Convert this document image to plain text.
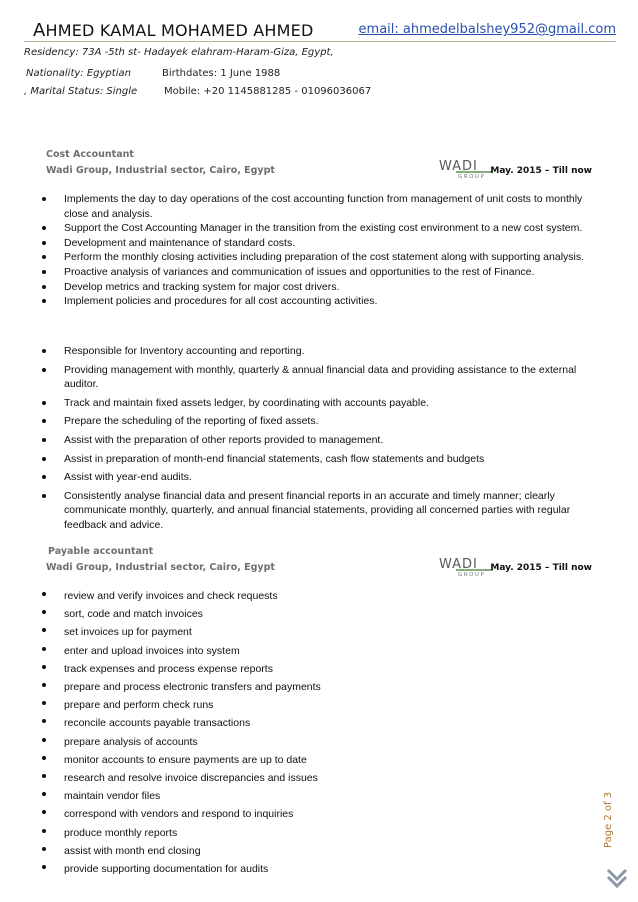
AHMED KAMAL MOHAMED AHMED	email: ahmedelbalshey952@gmail.com
Residency: 73A -5th st- Hadayek elahram-Haram-Giza, Egypt,
Nationality: Egyptian	Birthdates: 1 June 1988
, Marital Status: Single	Mobile: +20 1145881285 - 01096036067
Cost Accountant
Wadi Group, Industrial sector, Cairo, Egypt	WADI
GROUP
May. 2015 – Till now
Implements the day to day operations of the cost accounting function from management of unit costs to monthly close and analysis.
Support the Cost Accounting Manager in the transition from the existing cost environment to a new cost system.
Development and maintenance of standard costs.
Perform the monthly closing activities including preparation of the cost statement along with supporting analysis.
Proactive analysis of variances and communication of issues and opportunities to the rest of Finance.
Develop metrics and tracking system for major cost drivers.
Implement policies and procedures for all cost accounting activities.
Responsible for Inventory accounting and reporting.
Providing management with monthly, quarterly & annual financial data and providing assistance to the external auditor.
Track and maintain fixed assets ledger, by coordinating with accounts payable.
Prepare the scheduling of the reporting of fixed assets.
Assist with the preparation of other reports provided to management.
Assist in preparation of month-end financial statements, cash flow statements and budgets
Assist with year-end audits.
Consistently analyse financial data and present financial reports in an accurate and timely manner; clearly communicate monthly, quarterly, and annual financial statements, providing all concerned parties with regular feedback and advice.
Payable accountant
Wadi Group, Industrial sector, Cairo, Egypt	WADI
GROUP
May. 2015 – Till now
review and verify invoices and check requests
sort, code and match invoices
set invoices up for payment
enter and upload invoices into system
track expenses and process expense reports
prepare and process electronic transfers and payments
prepare and perform check runs
reconcile accounts payable transactions
prepare analysis of accounts
monitor accounts to ensure payments are up to date
research and resolve invoice discrepancies and issues
maintain vendor files
correspond with vendors and respond to inquiries
produce monthly reports
assist with month end closing
provide supporting documentation for audits
Page 2 of 3
